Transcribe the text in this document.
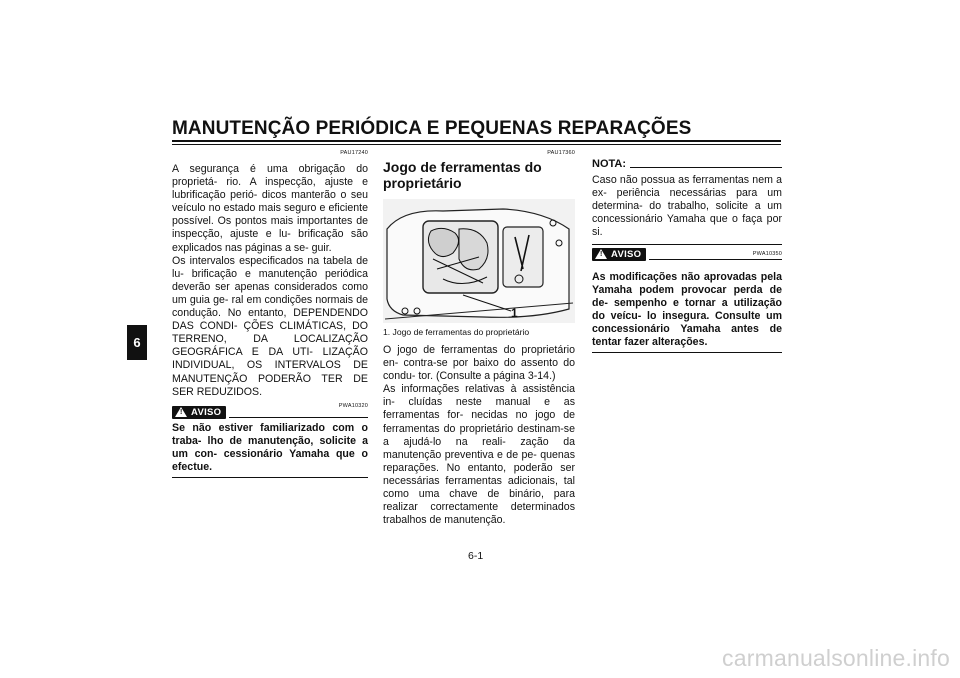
MANUTENÇÃO PERIÓDICA E PEQUENAS REPARAÇÕES
6
PAU17240

A segurança é uma obrigação do proprietá- rio. A inspecção, ajuste e lubrificação perió- dicos manterão o seu veículo no estado mais seguro e eficiente possível. Os pontos mais importantes de inspecção, ajuste e lu- brificação são explicados nas páginas a se- guir.

Os intervalos especificados na tabela de lu- brificação e manutenção periódica deverão ser apenas considerados como um guia ge- ral em condições normais de condução. No entanto, DEPENDENDO DAS CONDI- ÇÕES CLIMÁTICAS, DO TERRENO, DA LOCALIZAÇÃO GEOGRÁFICA E DA UTI- LIZAÇÃO INDIVIDUAL, OS INTERVALOS DE MANUTENÇÃO PODERÃO TER DE SER REDUZIDOS.

PWA10320
! AVISO
Se não estiver familiarizado com o traba- lho de manutenção, solicite a um con- cessionário Yamaha que o efectue.
PAU17360
Jogo de ferramentas do proprietário
1
1. Jogo de ferramentas do proprietário

O jogo de ferramentas do proprietário en- contra-se por baixo do assento do condu- tor. (Consulte a página 3-14.)

As informações relativas à assistência in- cluídas neste manual e as ferramentas for- necidas no jogo de ferramentas do proprietário destinam-se a ajudá-lo na reali- zação da manutenção preventiva e de pe- quenas reparações. No entanto, poderão ser necessárias ferramentas adicionais, tal como uma chave de binário, para realizar correctamente determinados trabalhos de manutenção.

NOTA:

Caso não possua as ferramentas nem a ex- periência necessárias para um determina- do trabalho, solicite a um concessionário Yamaha que o faça por si.

PWA10350
! AVISO
As modificações não aprovadas pela Yamaha podem provocar perda de de- sempenho e tornar a utilização do veícu- lo insegura. Consulte um concessionário Yamaha antes de tentar fazer alterações.
6-1
carmanualsonline.info
